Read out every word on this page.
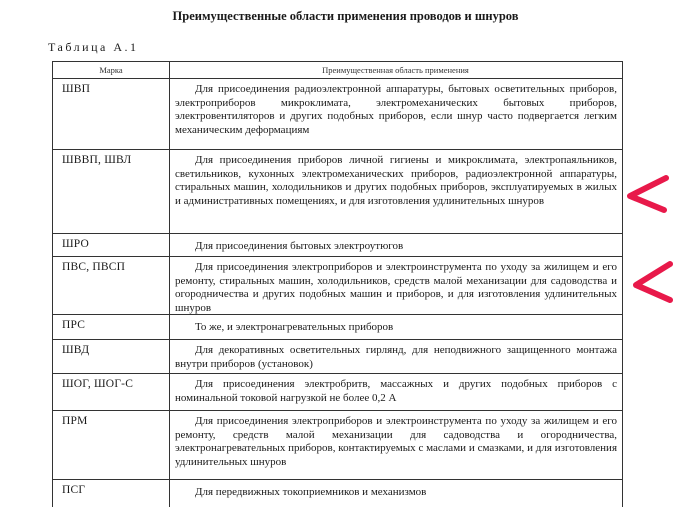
Преимущественные области применения проводов и шнуров
Таблица А.1
Марка	Преимущественная область применения
ШВП	Для присоединения радиоэлектронной аппаратуры, бытовых осветительных приборов, электроприборов микроклимата, электромеханических бытовых приборов, электровентиляторов и других подобных приборов, если шнур часто подвергается легким механическим деформациям
ШВВП, ШВЛ	Для присоединения приборов личной гигиены и микроклимата, электропаяльников, светильников, кухонных электромеханических приборов, радиоэлектронной аппаратуры, стиральных машин, холодильников и других подобных приборов, эксплуатируемых в жилых и административных помещениях, и для изготовления удлинительных шнуров
ШРО	Для присоединения бытовых электроутюгов
ПВС, ПВСП	Для присоединения электроприборов и электроинструмента по уходу за жилищем и его ремонту, стиральных машин, холодильников, средств малой механизации для садоводства и огородничества и других подобных машин и приборов, и для изготовления удлинительных шнуров
ПРС	То же, и электронагревательных приборов
ШВД	Для декоративных осветительных гирлянд, для неподвижного защищенного монтажа внутри приборов (установок)
ШОГ, ШОГ-С	Для присоединения электробритв, массажных и других подобных приборов с номинальной токовой нагрузкой не более 0,2 А
ПРМ	Для присоединения электроприборов и электроинструмента по уходу за жилищем и его ремонту, средств малой механизации для садоводства и огородничества, электронагревательных приборов, контактируемых с маслами и смазками, и для изготовления удлинительных шнуров
ПСГ	Для передвижных токоприемников и механизмов
